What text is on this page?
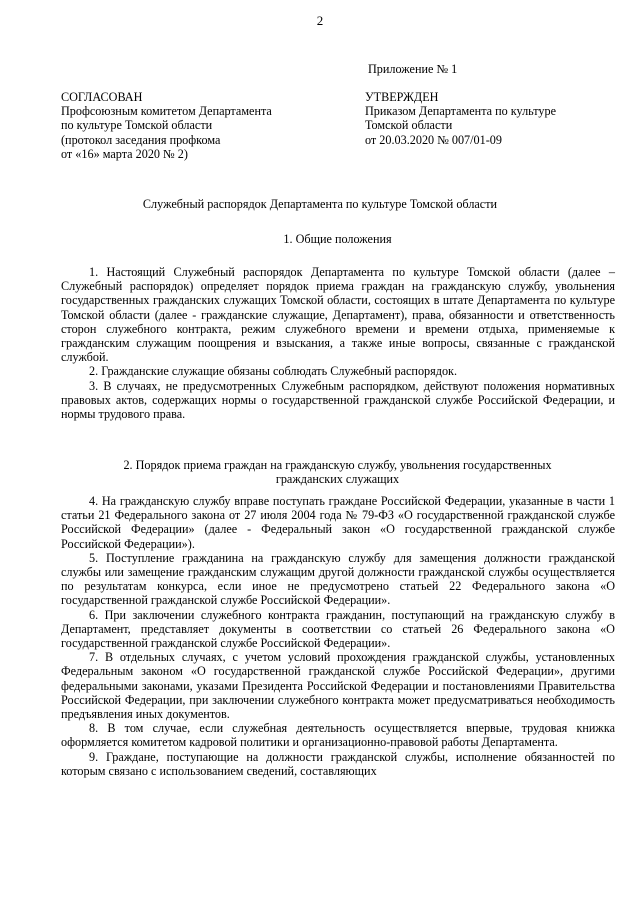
2
Приложение № 1
СОГЛАСОВАН
Профсоюзным комитетом Департамента
по культуре Томской области
(протокол заседания профкома
от «16» марта 2020 № 2)
УТВЕРЖДЕН
Приказом Департамента по культуре
Томской области
от 20.03.2020 № 007/01-09
Служебный распорядок Департамента по культуре Томской области
1. Общие положения

1. Настоящий Служебный распорядок Департамента по культуре Томской области (далее – Служебный распорядок) определяет порядок приема граждан на гражданскую службу, увольнения государственных гражданских служащих Томской области, состоящих в штате Департамента по культуре Томской области (далее - гражданские служащие, Департамент), права, обязанности и ответственность сторон служебного контракта, режим служебного времени и времени отдыха, применяемые к гражданским служащим поощрения и взыскания, а также иные вопросы, связанные с гражданской службой.

2. Гражданские служащие обязаны соблюдать Служебный распорядок.

3. В случаях, не предусмотренных Служебным распорядком, действуют положения нормативных правовых актов, содержащих нормы о государственной гражданской службе Российской Федерации, и нормы трудового права.

2. Порядок приема граждан на гражданскую службу, увольнения государственных
гражданских служащих

4. На гражданскую службу вправе поступать граждане Российской Федерации, указанные в части 1 статьи 21 Федерального закона от 27 июля 2004 года № 79-ФЗ «О государственной гражданской службе Российской Федерации» (далее - Федеральный закон «О государственной гражданской службе Российской Федерации»).

5. Поступление гражданина на гражданскую службу для замещения должности гражданской службы или замещение гражданским служащим другой должности гражданской службы осуществляется по результатам конкурса, если иное не предусмотрено статьей 22 Федерального закона «О государственной гражданской службе Российской Федерации».

6. При заключении служебного контракта гражданин, поступающий на гражданскую службу в Департамент, представляет документы в соответствии со статьей 26 Федерального закона «О государственной гражданской службе Российской Федерации».

7. В отдельных случаях, с учетом условий прохождения гражданской службы, установленных Федеральным законом «О государственной гражданской службе Российской Федерации», другими федеральными законами, указами Президента Российской Федерации и постановлениями Правительства Российской Федерации, при заключении служебного контракта может предусматриваться необходимость предъявления иных документов.

8. В том случае, если служебная деятельность осуществляется впервые, трудовая книжка оформляется комитетом кадровой политики и организационно-правовой работы Департамента.

9. Граждане, поступающие на должности гражданской службы, исполнение обязанностей по которым связано с использованием сведений, составляющих
